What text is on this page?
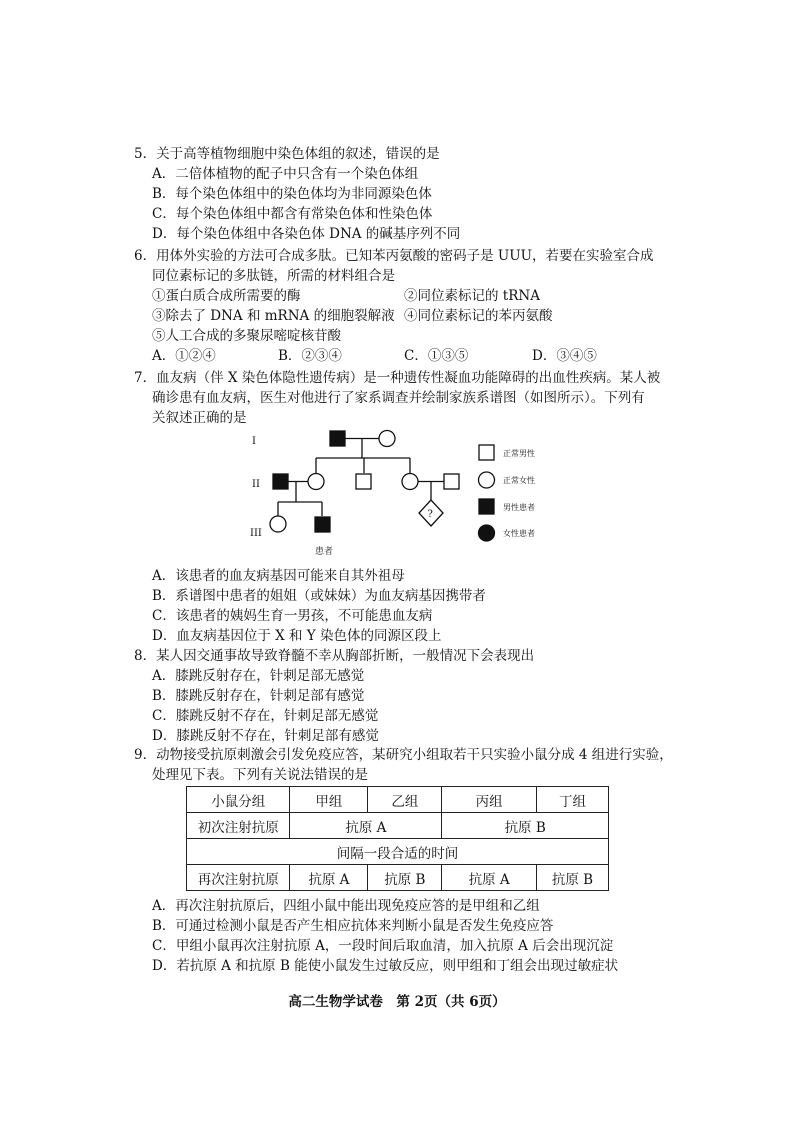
5．关于高等植物细胞中染色体组的叙述，错误的是
A．二倍体植物的配子中只含有一个染色体组
B．每个染色体组中的染色体均为非同源染色体
C．每个染色体组中都含有常染色体和性染色体
D．每个染色体组中各染色体 DNA 的碱基序列不同
6．用体外实验的方法可合成多肽。已知苯丙氨酸的密码子是 UUU，若要在实验室合成
同位素标记的多肽链，所需的材料组合是
①蛋白质合成所需要的酶	②同位素标记的 tRNA
③除去了 DNA 和 mRNA 的细胞裂解液 ④同位素标记的苯丙氨酸
⑤人工合成的多聚尿嘧啶核苷酸
A．①②④	B．②③④	C．①③⑤	D．③④⑤
7．血友病（伴 X 染色体隐性遗传病）是一种遗传性凝血功能障碍的出血性疾病。某人被
确诊患有血友病，医生对他进行了家系调查并绘制家族系谱图（如图所示）。下列有
关叙述正确的是
I
II
III
患者
?
正常男性
正常女性
男性患者
女性患者
A．该患者的血友病基因可能来自其外祖母
B．系谱图中患者的姐姐（或妹妹）为血友病基因携带者
C．该患者的姨妈生育一男孩，不可能患血友病
D．血友病基因位于 X 和 Y 染色体的同源区段上
8．某人因交通事故导致脊髓不幸从胸部折断，一般情况下会表现出
A．膝跳反射存在，针刺足部无感觉
B．膝跳反射存在，针刺足部有感觉
C．膝跳反射不存在，针刺足部无感觉
D．膝跳反射不存在，针刺足部有感觉
9．动物接受抗原刺激会引发免疫应答，某研究小组取若干只实验小鼠分成 4 组进行实验，
处理见下表。下列有关说法错误的是
小鼠分组	甲组	乙组	丙组	丁组
初次注射抗原	抗原 A		抗原 B	
间隔一段合适的时间				
再次注射抗原	抗原 A	抗原 B	抗原 A	抗原 B
A．再次注射抗原后，四组小鼠中能出现免疫应答的是甲组和乙组
B．可通过检测小鼠是否产生相应抗体来判断小鼠是否发生免疫应答
C．甲组小鼠再次注射抗原 A，一段时间后取血清，加入抗原 A 后会出现沉淀
D．若抗原 A 和抗原 B 能使小鼠发生过敏反应，则甲组和丁组会出现过敏症状
高二生物学试卷　第 2页（共 6页）
